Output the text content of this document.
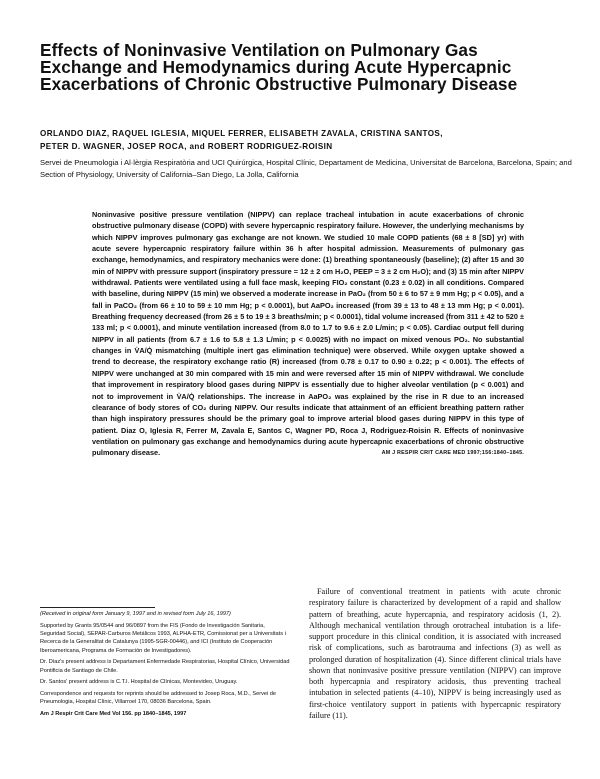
Effects of Noninvasive Ventilation on Pulmonary Gas Exchange and Hemodynamics during Acute Hypercapnic Exacerbations of Chronic Obstructive Pulmonary Disease
ORLANDO DIAZ, RAQUEL IGLESIA, MIQUEL FERRER, ELISABETH ZAVALA, CRISTINA SANTOS,
PETER D. WAGNER, JOSEP ROCA, and ROBERT RODRIGUEZ-ROISIN
Servei de Pneumologia i Al·lèrgia Respiratòria and UCI Quirúrgica, Hospital Clínic, Departament de Medicina, Universitat de Barcelona, Barcelona, Spain; and Section of Physiology, University of California–San Diego, La Jolla, California

Noninvasive positive pressure ventilation (NIPPV) can replace tracheal intubation in acute exacerbations of chronic obstructive pulmonary disease (COPD) with severe hypercapnic respiratory failure. However, the underlying mechanisms by which NIPPV improves pulmonary gas exchange are not known. We studied 10 male COPD patients (68 ± 8 [SD] yr) with acute severe hypercapnic respiratory failure within 36 h after hospital admission. Measurements of pulmonary gas exchange, hemodynamics, and respiratory mechanics were done: (1) breathing spontaneously (baseline); (2) after 15 and 30 min of NIPPV with pressure support (inspiratory pressure = 12 ± 2 cm H₂O, PEEP = 3 ± 2 cm H₂O); and (3) 15 min after NIPPV withdrawal. Patients were ventilated using a full face mask, keeping FIO₂ constant (0.23 ± 0.02) in all conditions. Compared with baseline, during NIPPV (15 min) we observed a moderate increase in PaO₂ (from 50 ± 6 to 57 ± 9 mm Hg; p < 0.05), and a fall in PaCO₂ (from 66 ± 10 to 59 ± 10 mm Hg; p < 0.0001), but AaPO₂ increased (from 39 ± 13 to 48 ± 13 mm Hg; p < 0.001). Breathing frequency decreased (from 26 ± 5 to 19 ± 3 breaths/min; p < 0.0001), tidal volume increased (from 311 ± 42 to 520 ± 133 ml; p < 0.0001), and minute ventilation increased (from 8.0 to 1.7 to 9.6 ± 2.0 L/min; p < 0.05). Cardiac output fell during NIPPV in all patients (from 6.7 ± 1.6 to 5.8 ± 1.3 L/min; p < 0.0025) with no impact on mixed venous PO₂. No substantial changes in V̇A/Q̇ mismatching (multiple inert gas elimination technique) were observed. While oxygen uptake showed a trend to decrease, the respiratory exchange ratio (R) increased (from 0.78 ± 0.17 to 0.90 ± 0.22; p < 0.001). The effects of NIPPV were unchanged at 30 min compared with 15 min and were reversed after 15 min of NIPPV withdrawal. We conclude that improvement in respiratory blood gases during NIPPV is essentially due to higher alveolar ventilation (p < 0.001) and not to improvement in V̇A/Q̇ relationships. The increase in AaPO₂ was explained by the rise in R due to an increased clearance of body stores of CO₂ during NIPPV. Our results indicate that attainment of an efficient breathing pattern rather than high inspiratory pressures should be the primary goal to improve arterial blood gases during NIPPV in this type of patient. Diaz O, Iglesia R, Ferrer M, Zavala E, Santos C, Wagner PD, Roca J, Rodriguez-Roisin R. Effects of noninvasive ventilation on pulmonary gas exchange and hemodynamics during acute hypercapnic exacerbations of chronic obstructive pulmonary disease.	AM J RESPIR CRIT CARE MED 1997;156:1840–1845.

(Received in original form January 9, 1997 and in revised form July 16, 1997)

Supported by Grants 95/0544 and 96/0897 from the FIS (Fondo de Investigación Sanitaria, Seguridad Social), SEPAR-Carburos Metálicos 1993, ALPHA-ETR, Comissionat per a Universitats i Recerca de la Generalitat de Catalunya (1995-SGR-00446), and ICI (Instituto de Cooperación Iberoamericana, Programa de Formación de Investigadores).

Dr. Díaz's present address is Departament Enfermedade Respiratorias, Hospital Clínico, Universidad Pontificia de Santiago de Chile.

Dr. Santos' present address is C.T.I. Hospital de Clínicas, Montevideo, Uruguay.

Correspondence and requests for reprints should be addressed to Josep Roca, M.D., Servei de Pneumologia, Hospital Clínic, Villarroel 170, 08036 Barcelona, Spain.

Am J Respir Crit Care Med Vol 156. pp 1840–1845, 1997

Failure of conventional treatment in patients with acute chronic respiratory failure is characterized by development of a rapid and shallow pattern of breathing, acute hypercapnia, and respiratory acidosis (1, 2). Although mechanical ventilation through orotracheal intubation is a life-support procedure in this clinical condition, it is associated with increased risk of complications, such as barotrauma and infections (3) as well as prolonged duration of hospitalization (4). Since different clinical trials have shown that noninvasive positive pressure ventilation (NIPPV) can improve both hypercapnia and respiratory acidosis, thus preventing tracheal intubation in selected patients (4–10), NIPPV is being increasingly used as first-choice ventilatory support in patients with hypercapnic respiratory failure (11).
